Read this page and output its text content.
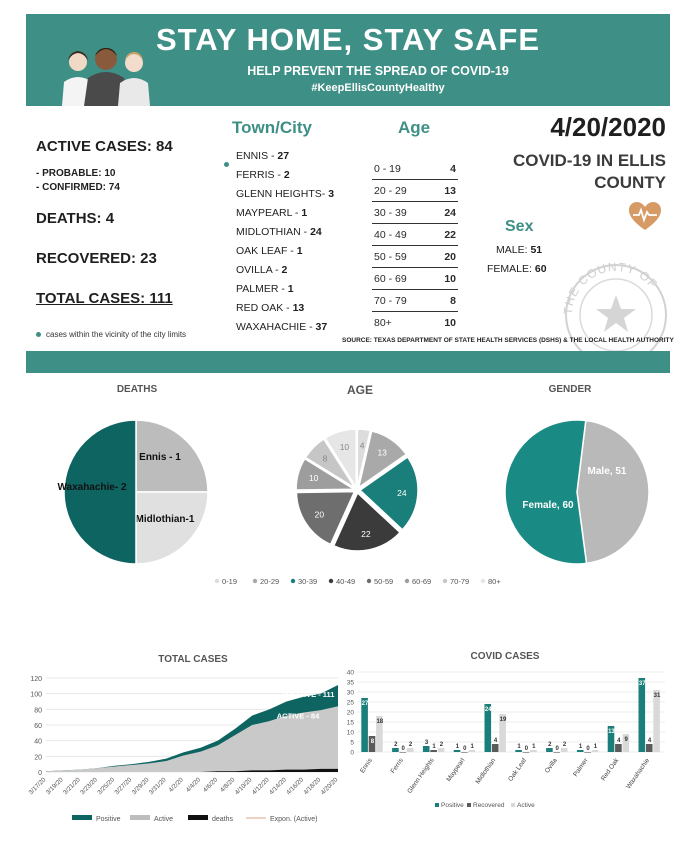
STAY HOME, STAY SAFE
HELP PREVENT THE SPREAD OF COVID-19
#KeepEllisCountyHealthy
ACTIVE CASES: 84
- PROBABLE: 10
- CONFIRMED: 74
DEATHS: 4
RECOVERED: 23
TOTAL CASES: 111
cases within the vicinity of the city limits
Town/City
ENNIS - 27
FERRIS - 2
GLENN HEIGHTS- 3
MAYPEARL - 1
MIDLOTHIAN - 24
OAK LEAF - 1
OVILLA - 2
PALMER - 1
RED OAK - 13
WAXAHACHIE - 37
Age
0 - 19	4
20 - 29	13
30 - 39	24
40 - 49	22
50 - 59	20
60 - 69	10
70 - 79	8
80+	10
4/20/2020
COVID-19 IN ELLIS
COUNTY
Sex
MALE: 51
FEMALE: 60
THE COUNTY OF
SOURCE: TEXAS DEPARTMENT OF STATE HEALTH SERVICES (DSHS) & THE LOCAL HEALTH AUTHORITY
DEATHS	AGE	GENDER
Ennis - 1
Midlothian-1
Waxahachie- 2
4
13
24
22
20
10
8
10
Male, 51
Female, 60
0-19	20-29	30-39	40-49	50-59	60-69	70-79	80+
TOTAL CASES	COVID CASES
0
20
40
60
80
100
120
POSITIVE - 111
ACTIVE - 84
3/17/20
3/19/20
3/21/20
3/23/20
3/25/20
3/27/20
3/29/20
3/31/20 4/2/20 4/4/20 4/6/20 4/8/20
4/10/20
4/12/20
4/14/20
4/16/20
4/18/20
4/20/20
Positive	Active	deaths	Expon. (Active)
0
5
10
15
20
25
30
35
40
27
8
18
Ennis
2
0
2
Ferris
3
1 2
Glenn Heights
1 0 1
Maypearl
24
4
19
Midlothian
1 0 1
Oak Leaf
2
0
2
Ovilla
1 0 1
Palmer
13
4 9
Red Oak
37
4
31
Waxahachie
Positive Recovered Active
